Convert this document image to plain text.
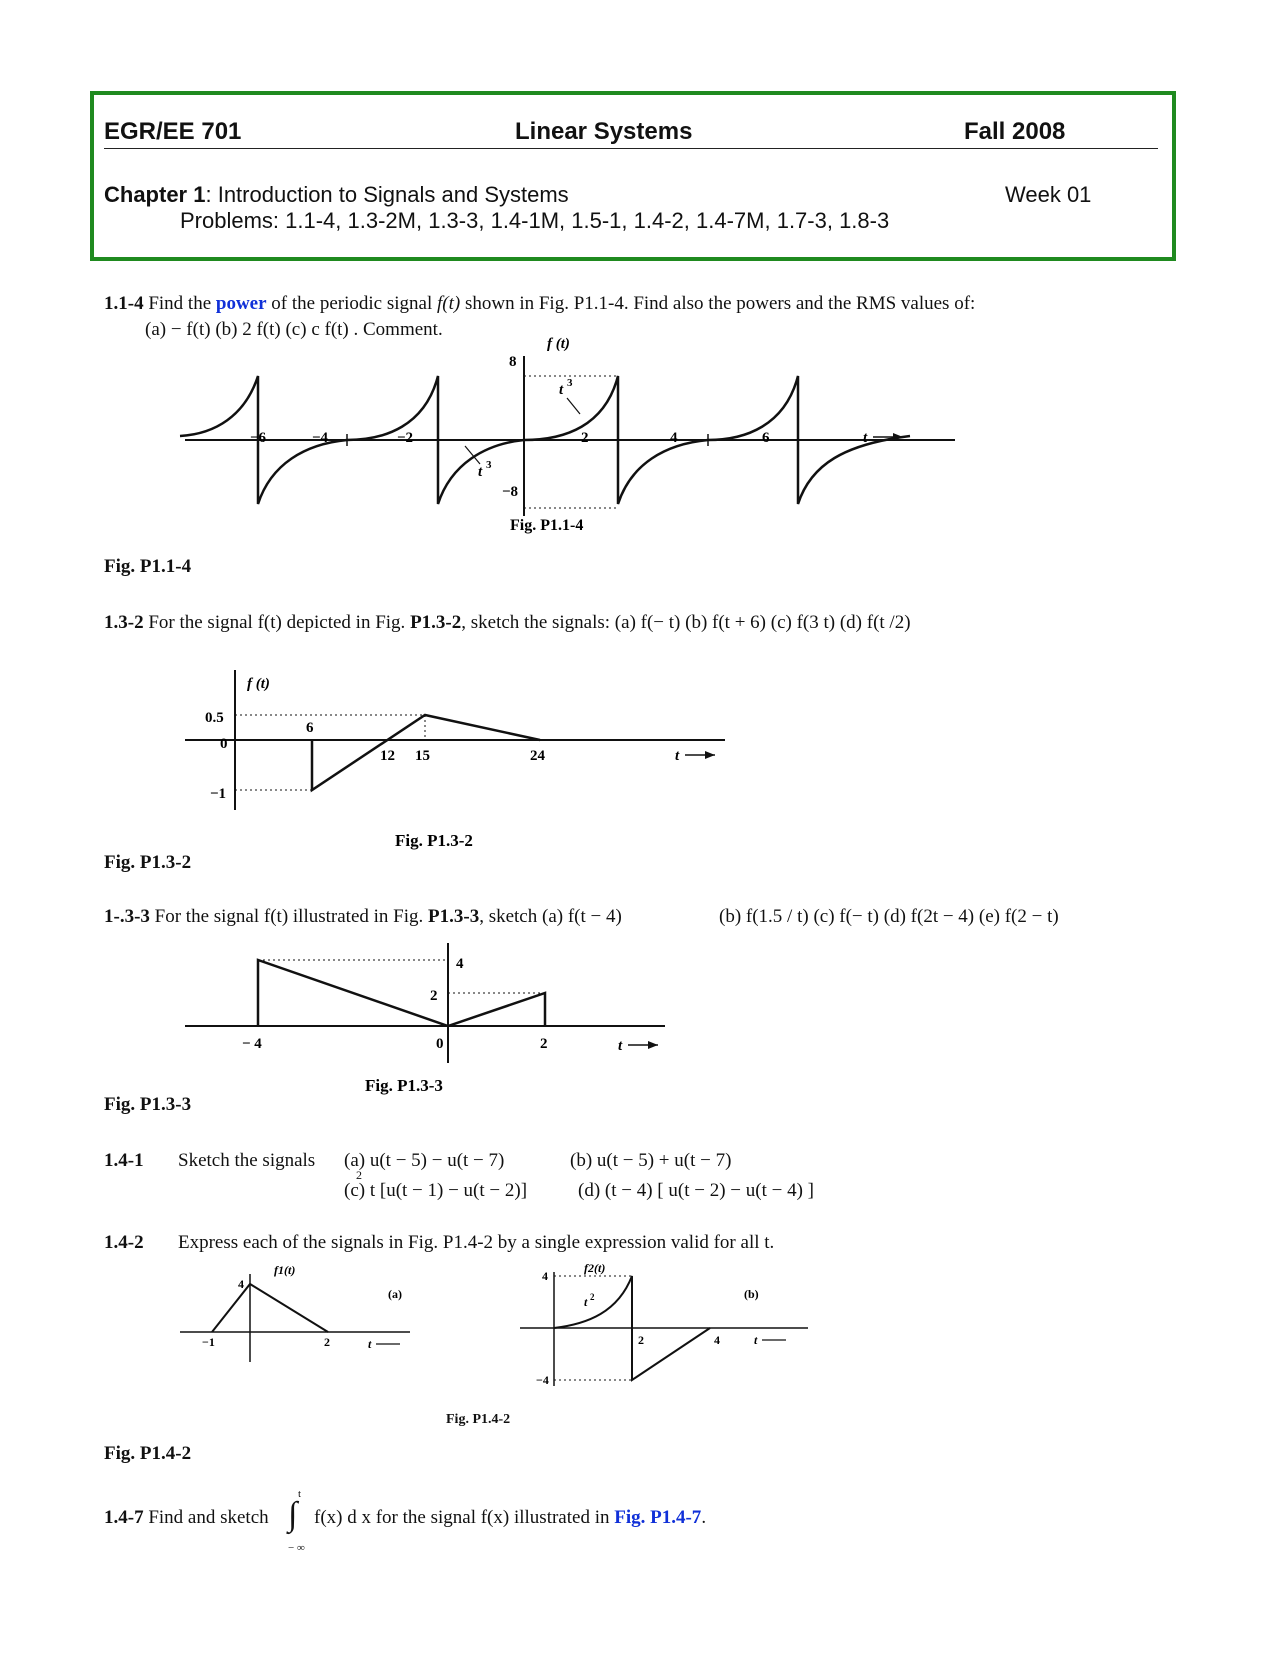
EGR/EE 701	Linear Systems	Fall 2008
Chapter 1: Introduction to Signals and Systems	Week 01
Problems: 1.1-4, 1.3-2M, 1.3-3, 1.4-1M, 1.5-1, 1.4-2, 1.4-7M, 1.7-3, 1.8-3
1.1-4 Find the power of the periodic signal f(t) shown in Fig. P1.1-4. Find also the powers and the RMS values of:
(a) − f(t) (b) 2 f(t) (c) c f(t) . Comment.
f (t)
8
−8
t 3
t 3
−6	−4	−2	2	4	6	t
Fig. P1.1-4
Fig. P1.1-4
1.3-2 For the signal f(t) depicted in Fig. P1.3-2, sketch the signals: (a) f(− t) (b) f(t + 6) (c) f(3 t) (d) f(t /2)
f (t)
0.5
0
−1
6
12 15	24	t
Fig. P1.3-2
Fig. P1.3-2
1-.3-3 For the signal f(t) illustrated in Fig. P1.3-3, sketch (a) f(t − 4)	(b) f(1.5 / t) (c) f(− t) (d) f(2t − 4) (e) f(2 − t)
4
2
− 4	0	2	t
Fig. P1.3-3
Fig. P1.3-3
1.4-1 Sketch the signals (a) u(t − 5) − u(t − 7)	(b) u(t − 5) + u(t − 7)
2
(c) t [u(t − 1) − u(t − 2)]	(d) (t − 4) [ u(t − 2) − u(t − 4) ]
1.4-2 Express each of the signals in Fig. P1.4-2 by a single expression valid for all t.
f1(t)
4
−1	2	t
(a)
f2(t)
4
−4
t 2
2	4	t
(b)
Fig. P1.4-2
Fig. P1.4-2
t
∫
− ∞
1.4-7 Find and sketch f(x) d x for the signal f(x) illustrated in Fig. P1.4-7.
